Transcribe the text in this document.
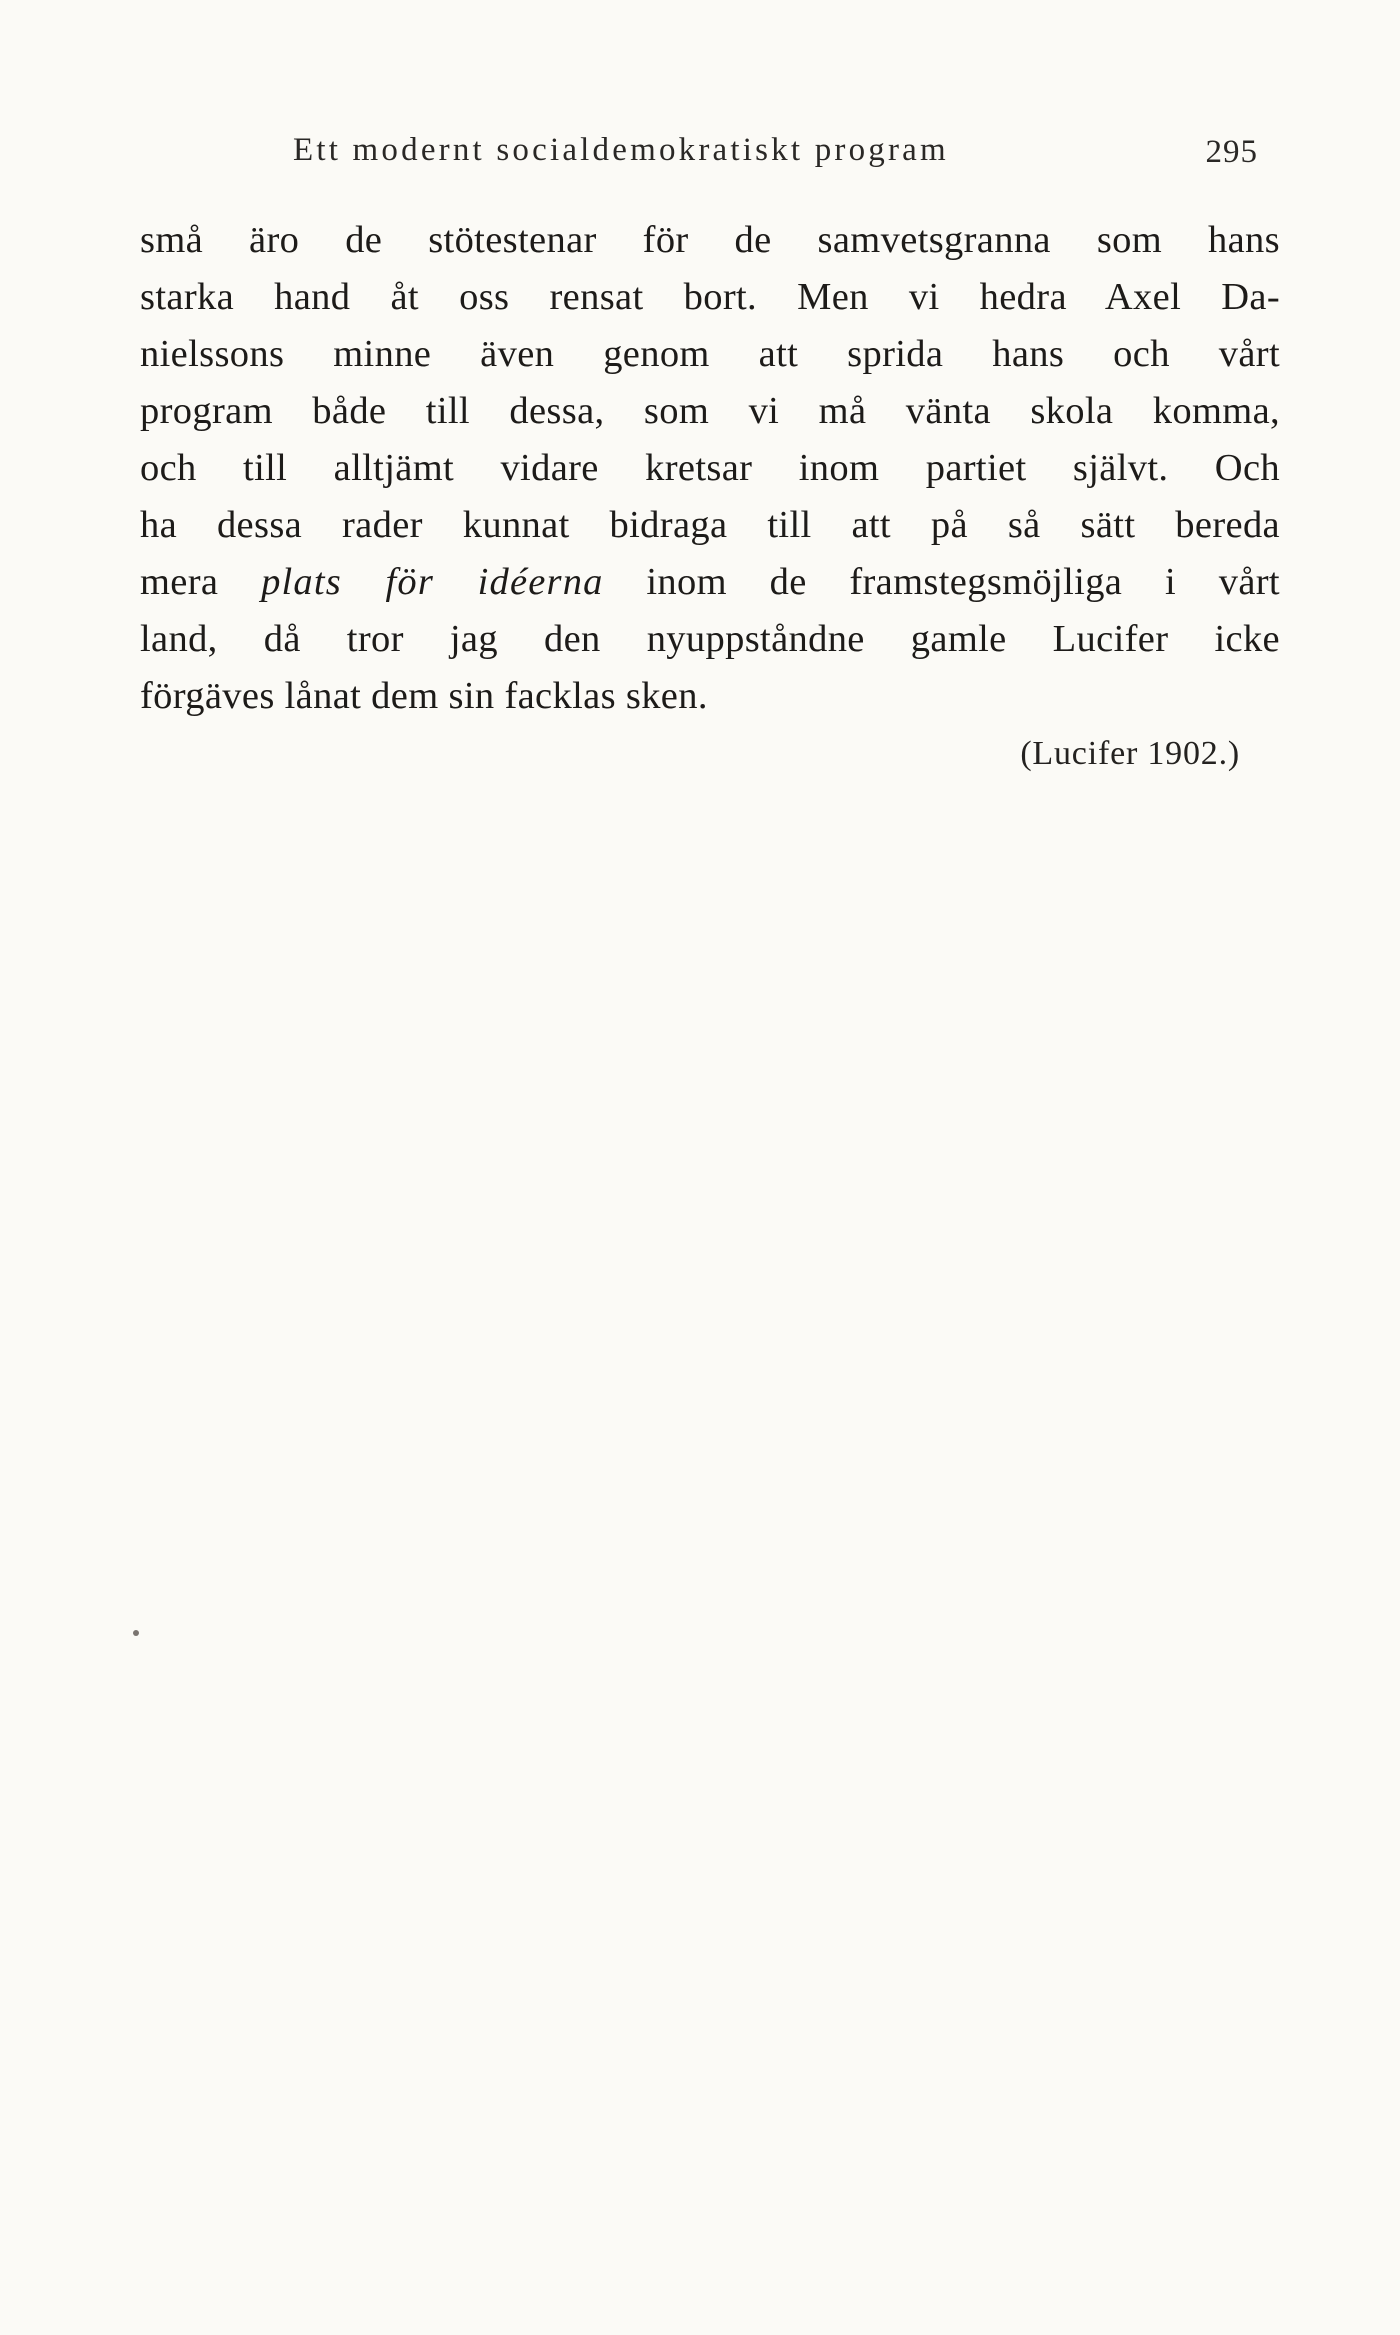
Ett modernt socialdemokratiskt program	295
små äro de stötestenar för de samvetsgranna som hans
starka hand åt oss rensat bort. Men vi hedra Axel Da-
nielssons minne även genom att sprida hans och vårt
program både till dessa, som vi må vänta skola komma,
och till alltjämt vidare kretsar inom partiet självt. Och
ha dessa rader kunnat bidraga till att på så sätt bereda
mera plats för idéerna inom de framstegsmöjliga i vårt
land, då tror jag den nyuppståndne gamle Lucifer icke
förgäves lånat dem sin facklas sken.
(Lucifer 1902.)
